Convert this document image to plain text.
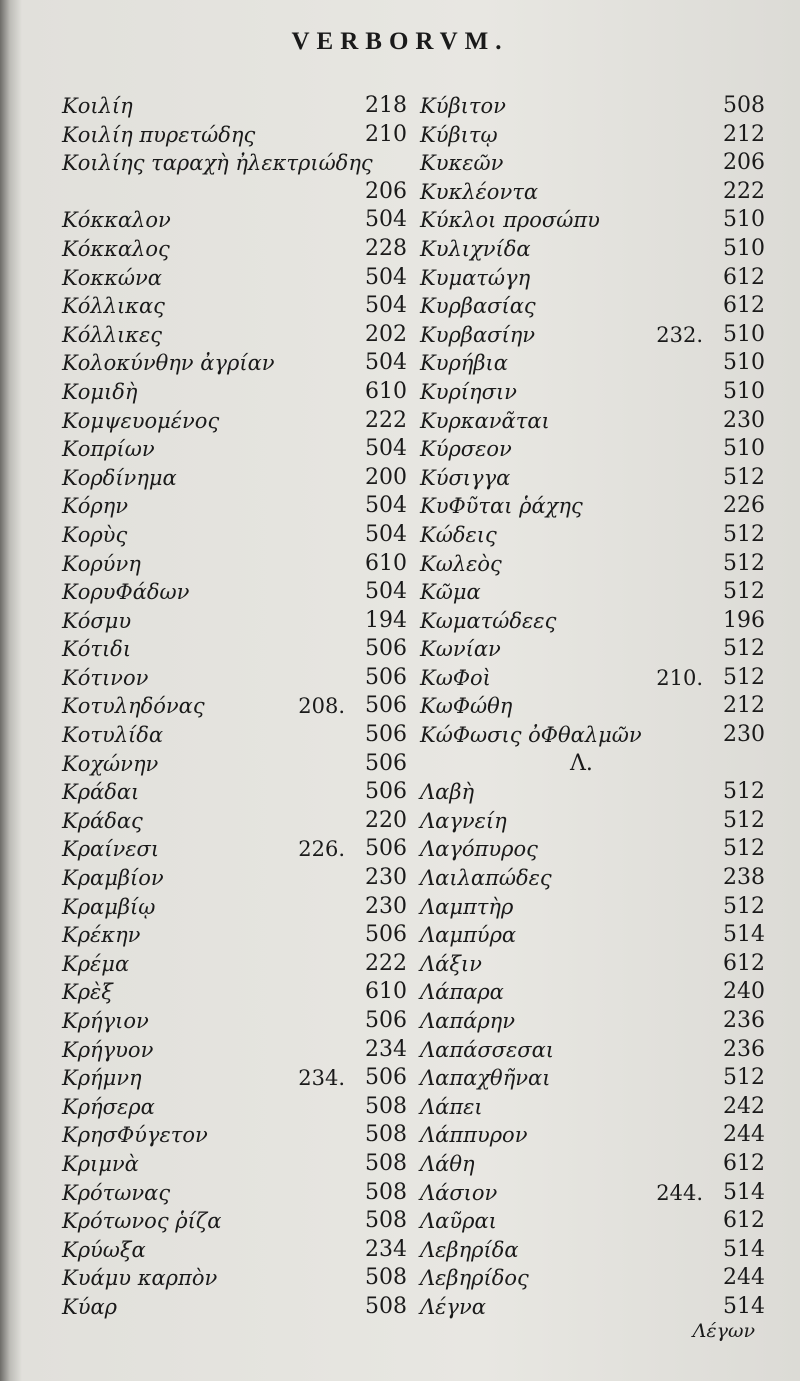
VERBORVM.
Κοιλίη	218
Κοιλίη πυρετώδης	210
Κοιλίης ταραχὴ ἠλεκτριώδης
206
Κόκκαλον	504
Κόκκαλος	228
Κοκκώνα	504
Κόλλικας	504
Κόλλικες	202
Κολοκύνθην ἀγρίαν	504
Κομιδὴ	610
Κομψευομένος	222
Κοπρίων	504
Κορδίνημα	200
Κόρην	504
Κορὺς	504
Κορύνη	610
ΚορυΦάδων	504
Κόσμυ	194
Κότιδι	506
Κότινον	506
Κοτυληδόνας	208. 506
Κοτυλίδα	506
Κοχώνην	506
Κράδαι	506
Κράδας	220
Κραίνεσι	226. 506
Κραμβίον	230
Κραμβίῳ	230
Κρέκην	506
Κρέμα	222
Κρὲξ	610
Κρήγιον	506
Κρήγυον	234
Κρήμνη	234. 506
Κρήσερα	508
ΚρησΦύγετον	508
Κριμνὰ	508
Κρότωνας	508
Κρότωνος ῥίζα	508
Κρύωξα	234
Κυάμυ καρπὸν	508
Κύαρ	508
Κύβιτον	508
Κύβιτῳ	212
Κυκεῶν	206
Κυκλέοντα	222
Κύκλοι προσώπυ	510
Κυλιχνίδα	510
Κυματώγη	612
Κυρβασίας	612
Κυρβασίην	232. 510
Κυρήβια	510
Κυρίησιν	510
Κυρκανᾶται	230
Κύρσεον	510
Κύσιγγα	512
ΚυΦῦται ῥάχης	226
Κώδεις	512
Κωλεὸς	512
Κῶμα	512
Κωματώδεες	196
Κωνίαν	512
ΚωΦοὶ	210. 512
ΚωΦώθη	212
ΚώΦωσις ὀΦθαλμῶν	230
Λ.
Λαβὴ	512
Λαγνείη	512
Λαγόπυρος	512
Λαιλαπώδες	238
Λαμπτὴρ	512
Λαμπύρα	514
Λάξιν	612
Λάπαρα	240
Λαπάρην	236
Λαπάσσεσαι	236
Λαπαχθῆναι	512
Λάπει	242
Λάππυρον	244
Λάθη	612
Λάσιον	244. 514
Λαῦραι	612
Λεβηρίδα	514
Λεβηρίδος	244
Λέγνα	514
Λέγων
